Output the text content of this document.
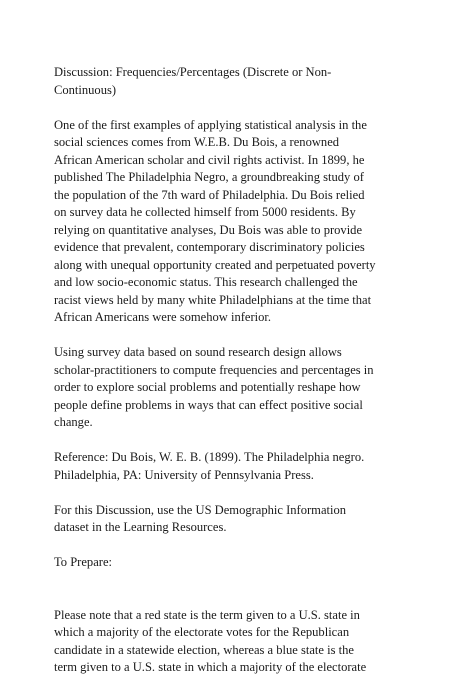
Discussion: Frequencies/Percentages (Discrete or Non-
Continuous)
One of the first examples of applying statistical analysis in the
social sciences comes from W.E.B. Du Bois, a renowned
African American scholar and civil rights activist. In 1899, he
published The Philadelphia Negro, a groundbreaking study of
the population of the 7th ward of Philadelphia. Du Bois relied
on survey data he collected himself from 5000 residents. By
relying on quantitative analyses, Du Bois was able to provide
evidence that prevalent, contemporary discriminatory policies
along with unequal opportunity created and perpetuated poverty
and low socio-economic status. This research challenged the
racist views held by many white Philadelphians at the time that
African Americans were somehow inferior.
Using survey data based on sound research design allows
scholar-practitioners to compute frequencies and percentages in
order to explore social problems and potentially reshape how
people define problems in ways that can effect positive social
change.
Reference: Du Bois, W. E. B. (1899). The Philadelphia negro.
Philadelphia, PA: University of Pennsylvania Press.
For this Discussion, use the US Demographic Information
dataset in the Learning Resources.
To Prepare:
Please note that a red state is the term given to a U.S. state in
which a majority of the electorate votes for the Republican
candidate in a statewide election, whereas a blue state is the
term given to a U.S. state in which a majority of the electorate
